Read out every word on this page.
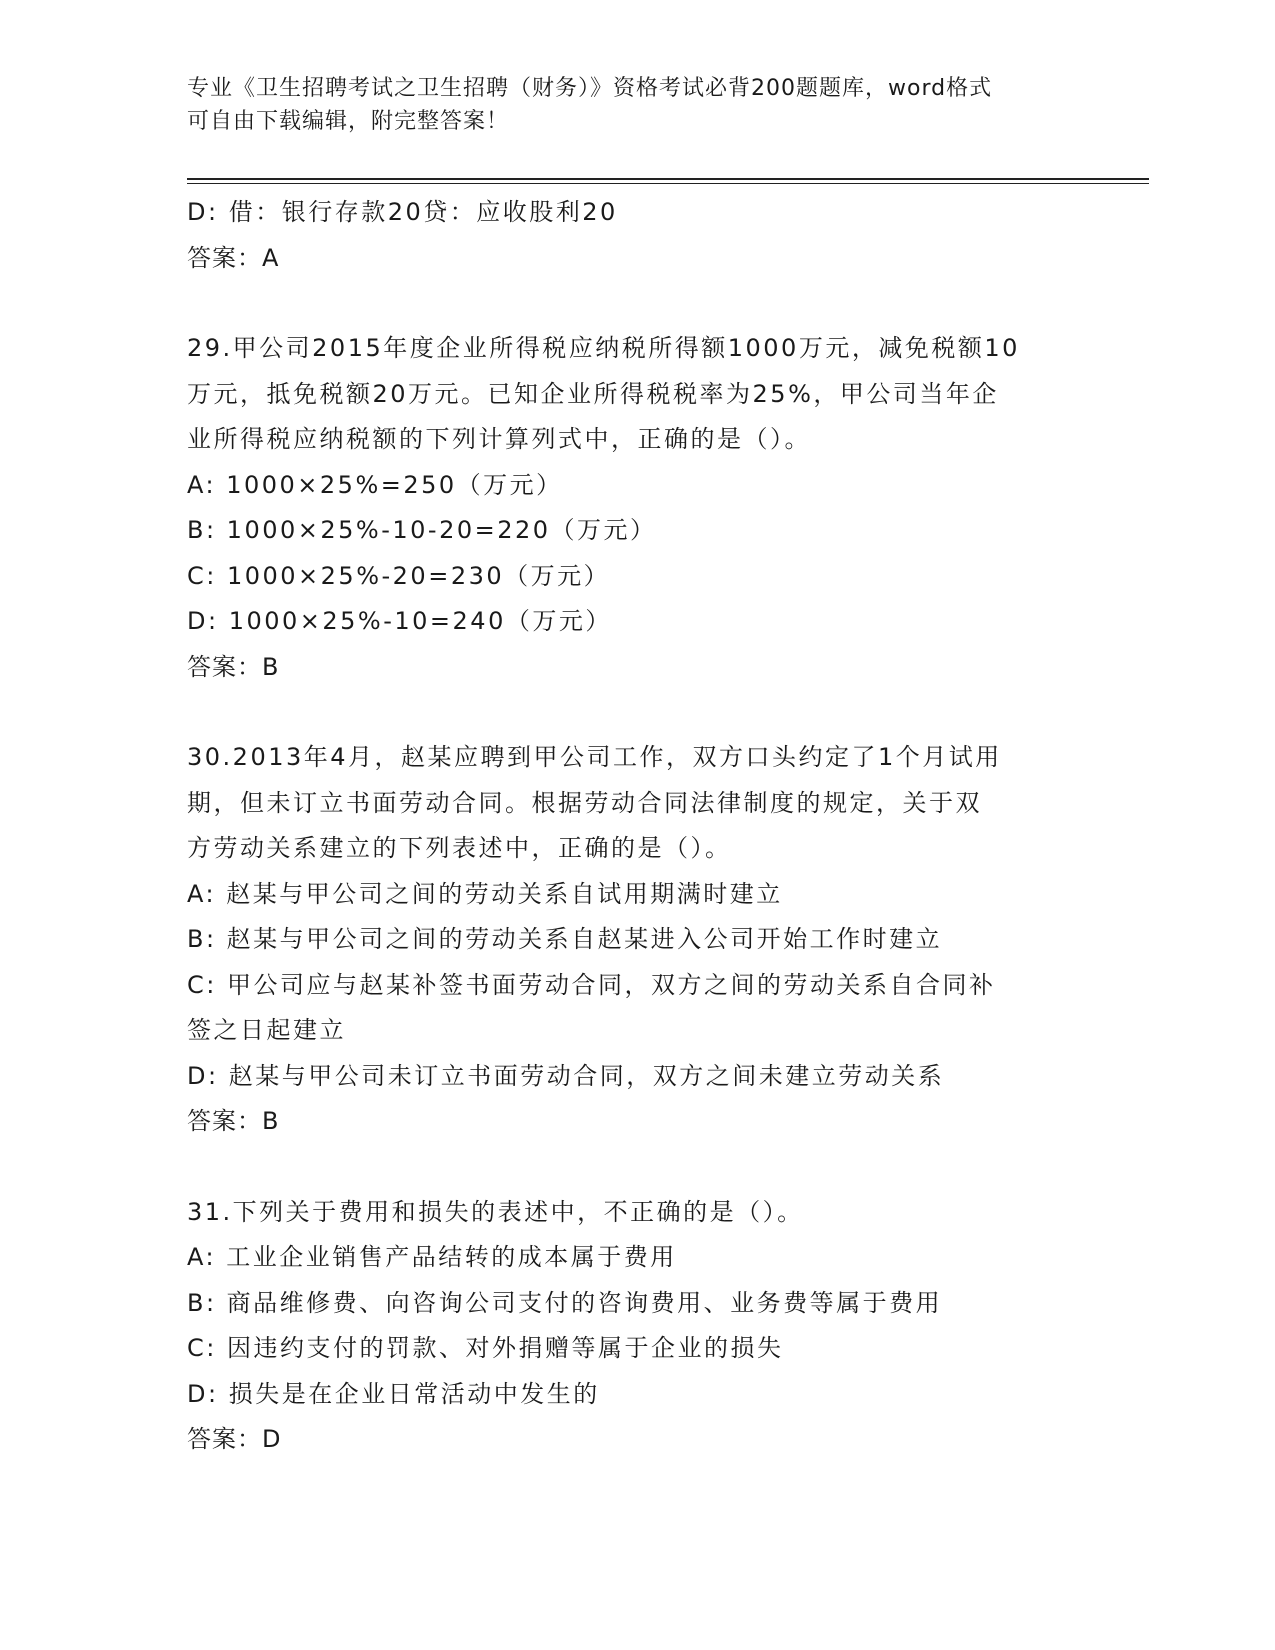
专业《卫生招聘考试之卫生招聘（财务）》资格考试必背200题题库，word格式
可自由下载编辑，附完整答案！
D: 借：银行存款20贷：应收股利20
答案：A
29.甲公司2015年度企业所得税应纳税所得额1000万元，减免税额10
万元，抵免税额20万元。已知企业所得税税率为25%，甲公司当年企
业所得税应纳税额的下列计算列式中，正确的是（）。
A: 1000×25%=250（万元）
B: 1000×25%-10-20=220（万元）
C: 1000×25%-20=230（万元）
D: 1000×25%-10=240（万元）
答案：B
30.2013年4月，赵某应聘到甲公司工作，双方口头约定了1个月试用
期，但未订立书面劳动合同。根据劳动合同法律制度的规定，关于双
方劳动关系建立的下列表述中，正确的是（）。
A: 赵某与甲公司之间的劳动关系自试用期满时建立
B: 赵某与甲公司之间的劳动关系自赵某进入公司开始工作时建立
C: 甲公司应与赵某补签书面劳动合同，双方之间的劳动关系自合同补
签之日起建立
D: 赵某与甲公司未订立书面劳动合同，双方之间未建立劳动关系
答案：B
31.下列关于费用和损失的表述中，不正确的是（）。
A: 工业企业销售产品结转的成本属于费用
B: 商品维修费、向咨询公司支付的咨询费用、业务费等属于费用
C: 因违约支付的罚款、对外捐赠等属于企业的损失
D: 损失是在企业日常活动中发生的
答案：D
